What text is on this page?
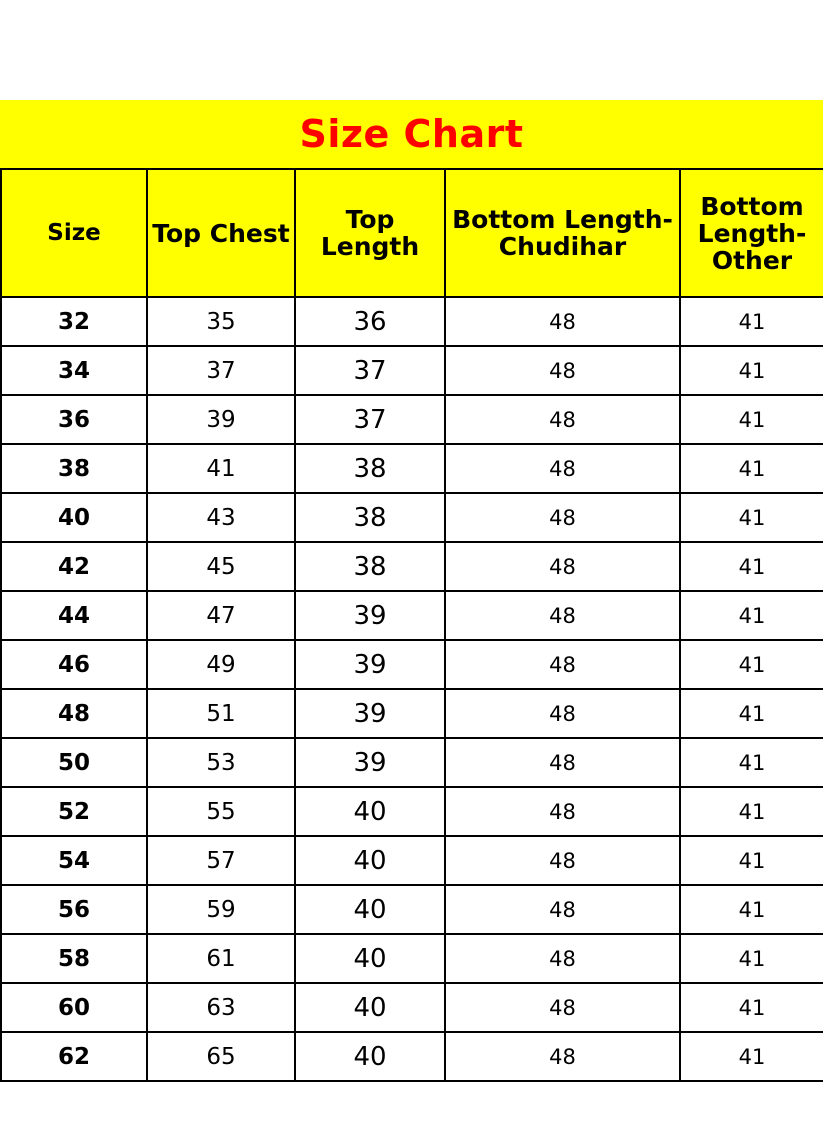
Size Chart
Size	Top Chest	Top Length	Bottom Length-Chudihar	Bottom Length-Other
32	35	36	48	41
34	37	37	48	41
36	39	37	48	41
38	41	38	48	41
40	43	38	48	41
42	45	38	48	41
44	47	39	48	41
46	49	39	48	41
48	51	39	48	41
50	53	39	48	41
52	55	40	48	41
54	57	40	48	41
56	59	40	48	41
58	61	40	48	41
60	63	40	48	41
62	65	40	48	41
